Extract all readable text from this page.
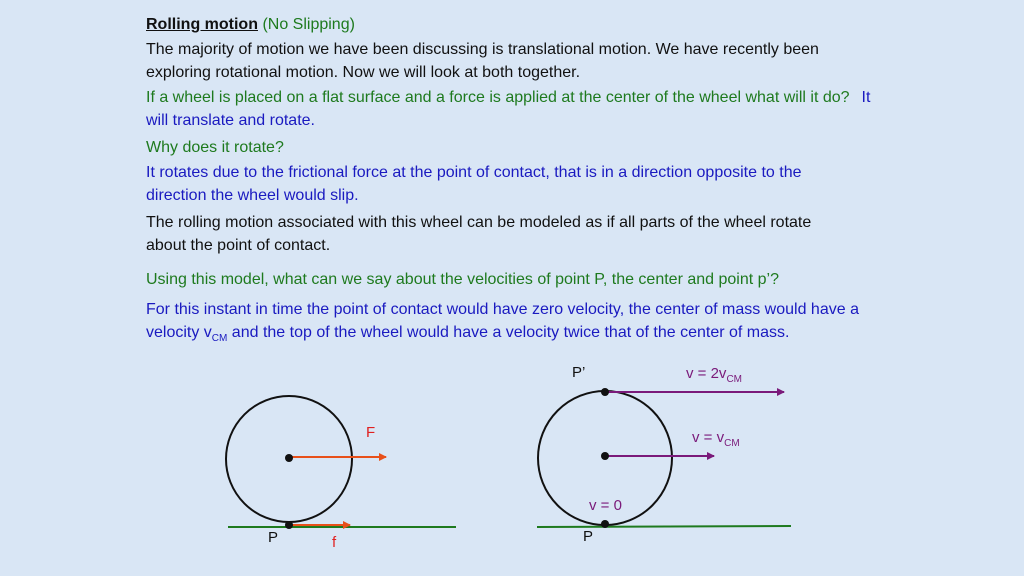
Rolling motion (No Slipping)

The majority of motion we have been discussing is translational motion. We have recently been exploring rotational motion. Now we will look at both together.

If a wheel is placed on a flat surface and a force is applied at the center of the wheel what will it do? It will translate and rotate.

Why does it rotate?

It rotates due to the frictional force at the point of contact, that is in a direction opposite to the direction the wheel would slip.

The rolling motion associated with this wheel can be modeled as if all parts of the wheel rotate about the point of contact.

Using this model, what can we say about the velocities of point P, the center and point p’?

For this instant in time the point of contact would have zero velocity, the center of mass would have a velocity $v_{CM}$ and the top of the wheel would have a velocity twice that of the center of mass.

F
f
P
P’	$v = 2v_{CM}$
$v = v_{CM}$
v = 0
P
